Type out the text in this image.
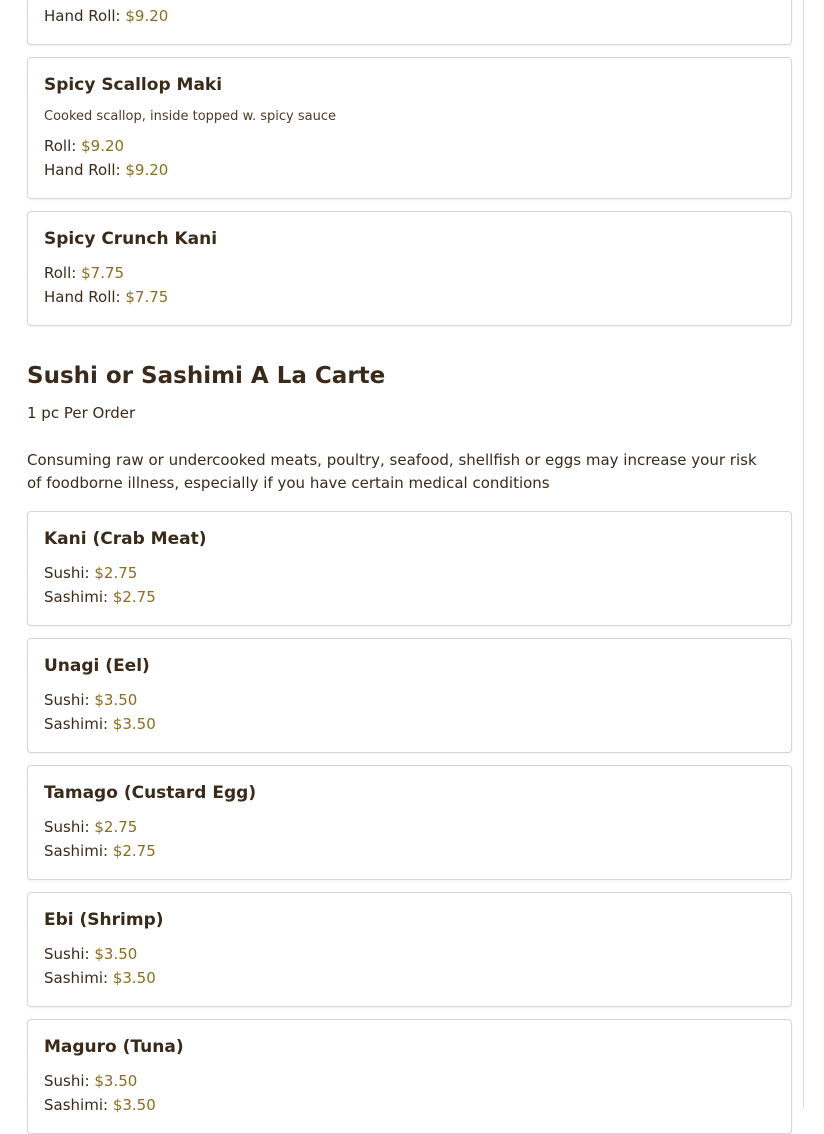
Hand Roll: $9.20
Spicy Scallop Maki
Cooked scallop, inside topped w. spicy sauce
Roll: $9.20
Hand Roll: $9.20
Spicy Crunch Kani
Roll: $7.75
Hand Roll: $7.75
Sushi or Sashimi A La Carte
1 pc Per Order
Consuming raw or undercooked meats, poultry, seafood, shellfish or eggs may increase your risk of foodborne illness, especially if you have certain medical conditions
Kani (Crab Meat)
Sushi: $2.75
Sashimi: $2.75
Unagi (Eel)
Sushi: $3.50
Sashimi: $3.50
Tamago (Custard Egg)
Sushi: $2.75
Sashimi: $2.75
Ebi (Shrimp)
Sushi: $3.50
Sashimi: $3.50
Maguro (Tuna)
Sushi: $3.50
Sashimi: $3.50
